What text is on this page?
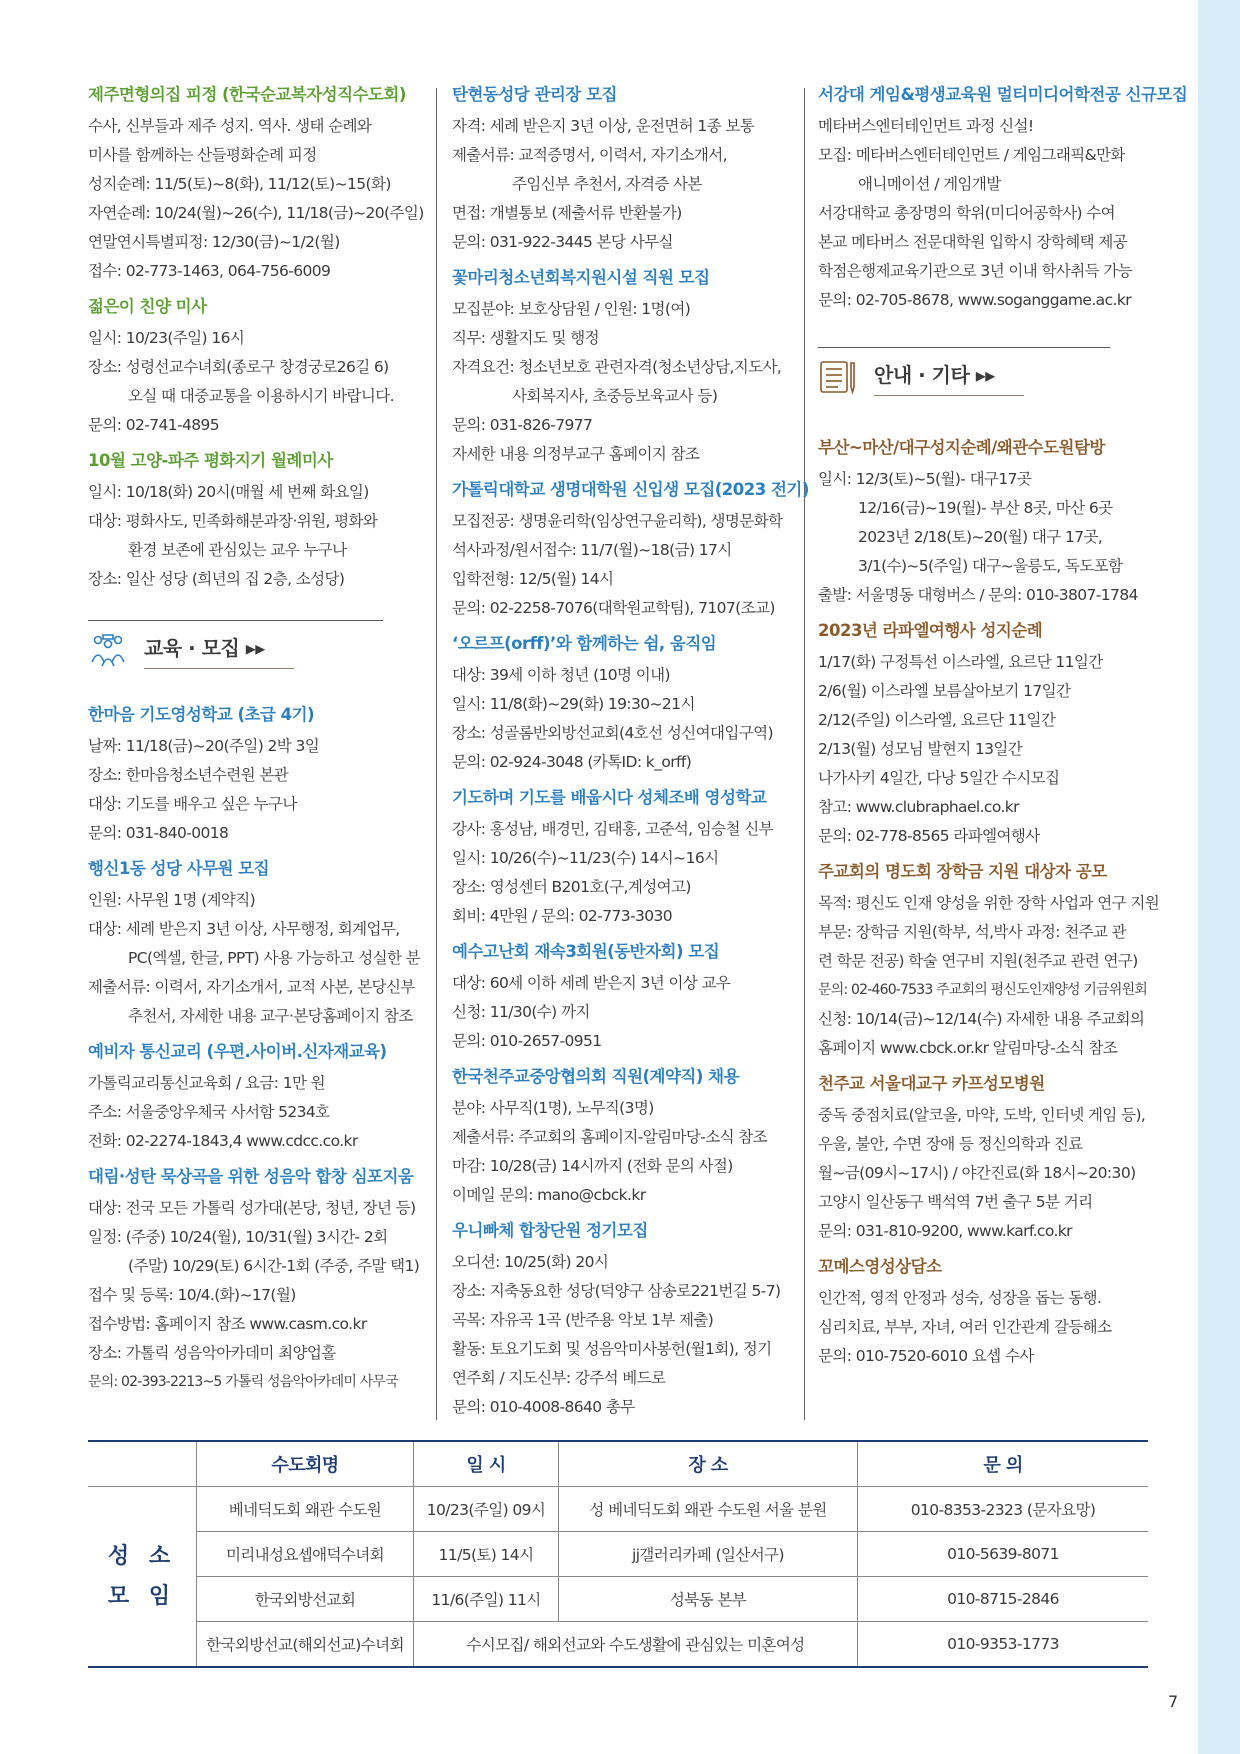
제주면형의집 피정 (한국순교복자성직수도회)
수사, 신부들과 제주 성지. 역사. 생태 순례와
미사를 함께하는 산들평화순례 피정
성지순례: 11/5(토)~8(화), 11/12(토)~15(화)
자연순례: 10/24(월)~26(수), 11/18(금)~20(주일)
연말연시특별피정: 12/30(금)~1/2(월)
접수: 02-773-1463, 064-756-6009
젊은이 친양 미사
일시: 10/23(주일) 16시
장소: 성령선교수녀회(종로구 창경궁로26길 6)
오실 때 대중교통을 이용하시기 바랍니다.
문의: 02-741-4895
10월 고양-파주 평화지기 월례미사
일시: 10/18(화) 20시(매월 세 번째 화요일)
대상: 평화사도, 민족화해분과장·위원, 평화와
환경 보존에 관심있는 교우 누구나
장소: 일산 성당 (희년의 집 2층, 소성당)
교육 · 모집 ▸▸
한마음 기도영성학교 (초급 4기)
날짜: 11/18(금)~20(주일) 2박 3일
장소: 한마음청소년수련원 본관
대상: 기도를 배우고 싶은 누구나
문의: 031-840-0018
행신1동 성당 사무원 모집
인원: 사무원 1명 (계약직)
대상: 세례 받은지 3년 이상, 사무행정, 회계업무,
PC(엑셀, 한글, PPT) 사용 가능하고 성실한 분
제출서류: 이력서, 자기소개서, 교적 사본, 본당신부
추천서, 자세한 내용 교구·본당홈페이지 참조
예비자 통신교리 (우편.사이버.신자재교육)
가톨릭교리통신교육회 / 요금: 1만 원
주소: 서울중앙우체국 사서함 5234호
전화: 02-2274-1843,4 www.cdcc.co.kr
대림·성탄 묵상곡을 위한 성음악 합창 심포지움
대상: 전국 모든 가톨릭 성가대(본당, 청년, 장년 등)
일정: (주중) 10/24(월), 10/31(월) 3시간- 2회
(주말) 10/29(토) 6시간-1회 (주중, 주말 택1)
접수 및 등록: 10/4.(화)~17(월)
접수방법: 홈페이지 참조 www.casm.co.kr
장소: 가톨릭 성음악아카데미 최양업홀
문의: 02-393-2213~5 가톨릭 성음악아카데미 사무국
탄현동성당 관리장 모집
자격: 세례 받은지 3년 이상, 운전면허 1종 보통
제출서류: 교적증명서, 이력서, 자기소개서,
주임신부 추천서, 자격증 사본
면접: 개별통보 (제출서류 반환불가)
문의: 031-922-3445 본당 사무실
꽃마리청소년회복지원시설 직원 모집
모집분야: 보호상담원 / 인원: 1명(여)
직무: 생활지도 및 행정
자격요건: 청소년보호 관련자격(청소년상담,지도사,
사회복지사, 초중등보육교사 등)
문의: 031-826-7977
자세한 내용 의정부교구 홈페이지 참조
가톨릭대학교 생명대학원 신입생 모집(2023 전기)
모집전공: 생명윤리학(임상연구윤리학), 생명문화학
석사과정/원서접수: 11/7(월)~18(금) 17시
입학전형: 12/5(월) 14시
문의: 02-2258-7076(대학원교학팀), 7107(조교)
‘오르프(orff)’와 함께하는 쉼, 움직임
대상: 39세 이하 청년 (10명 이내)
일시: 11/8(화)~29(화) 19:30~21시
장소: 성골롬반외방선교회(4호선 성신여대입구역)
문의: 02-924-3048 (카톡ID: k_orff)
기도하며 기도를 배웁시다 성체조배 영성학교
강사: 홍성남, 배경민, 김태홍, 고준석, 임승철 신부
일시: 10/26(수)~11/23(수) 14시~16시
장소: 영성센터 B201호(구,계성여고)
회비: 4만원 / 문의: 02-773-3030
예수고난회 재속3회원(동반자회) 모집
대상: 60세 이하 세례 받은지 3년 이상 교우
신청: 11/30(수) 까지
문의: 010-2657-0951
한국천주교중앙협의회 직원(계약직) 채용
분야: 사무직(1명), 노무직(3명)
제출서류: 주교회의 홈페이지-알림마당-소식 참조
마감: 10/28(금) 14시까지 (전화 문의 사절)
이메일 문의: mano@cbck.kr
우니빠체 합창단원 정기모집
오디션: 10/25(화) 20시
장소: 지축동요한 성당(덕양구 삼송로221번길 5-7)
곡목: 자유곡 1곡 (반주용 악보 1부 제출)
활동: 토요기도회 및 성음악미사봉헌(월1회), 정기
연주회 / 지도신부: 강주석 베드로
문의: 010-4008-8640 총무
서강대 게임&평생교육원 멀티미디어학전공 신규모집
메타버스엔터테인먼트 과정 신설!
모집: 메타버스엔터테인먼트 / 게임그래픽&만화
애니메이션 / 게임개발
서강대학교 총장명의 학위(미디어공학사) 수여
본교 메타버스 전문대학원 입학시 장학혜택 제공
학점은행제교육기관으로 3년 이내 학사취득 가능
문의: 02-705-8678, www.soganggame.ac.kr
안내 · 기타 ▸▸
부산~마산/대구성지순례/왜관수도원탐방
일시: 12/3(토)~5(월)- 대구17곳
12/16(금)~19(월)- 부산 8곳, 마산 6곳
2023년 2/18(토)~20(월) 대구 17곳,
3/1(수)~5(주일) 대구~울릉도, 독도포함
출발: 서울명동 대형버스 / 문의: 010-3807-1784
2023년 라파엘여행사 성지순례
1/17(화) 구정특선 이스라엘, 요르단 11일간
2/6(월) 이스라엘 보름살아보기 17일간
2/12(주일) 이스라엘, 요르단 11일간
2/13(월) 성모님 발현지 13일간
나가사키 4일간, 다낭 5일간 수시모집
참고: www.clubraphael.co.kr
문의: 02-778-8565 라파엘여행사
주교회의 명도회 장학금 지원 대상자 공모
목적: 평신도 인재 양성을 위한 장학 사업과 연구 지원
부문: 장학금 지원(학부, 석,박사 과정: 천주교 관
련 학문 전공) 학술 연구비 지원(천주교 관련 연구)
문의: 02-460-7533 주교회의 평신도인재양성 기금위원회
신청: 10/14(금)~12/14(수) 자세한 내용 주교회의
홈페이지 www.cbck.or.kr 알림마당-소식 참조
천주교 서울대교구 카프성모병원
중독 중점치료(알코올, 마약, 도박, 인터넷 게임 등),
우울, 불안, 수면 장애 등 정신의학과 진료
월~금(09시~17시) / 야간진료(화 18시~20:30)
고양시 일산동구 백석역 7번 출구 5분 거리
문의: 031-810-9200, www.karf.co.kr
꼬메스영성상담소
인간적, 영적 안정과 성숙, 성장을 돕는 동행.
심리치료, 부부, 자녀, 여러 인간관계 갈등해소
문의: 010-7520-6010 요셉 수사
	수도회명	일 시	장 소	문 의

성 소
모 임	베네딕도회 왜관 수도원	10/23(주일) 09시	성 베네딕도회 왜관 수도원 서울 분원	010-8353-2323 (문자요망)
	미리내성요셉애덕수녀회	11/5(토) 14시	jj갤러리카페 (일산서구)	010-5639-8071
	한국외방선교회	11/6(주일) 11시	성북동 본부	010-8715-2846
	한국외방선교(해외선교)수녀회	수시모집/ 해외선교와 수도생활에 관심있는 미혼여성		010-9353-1773
7
